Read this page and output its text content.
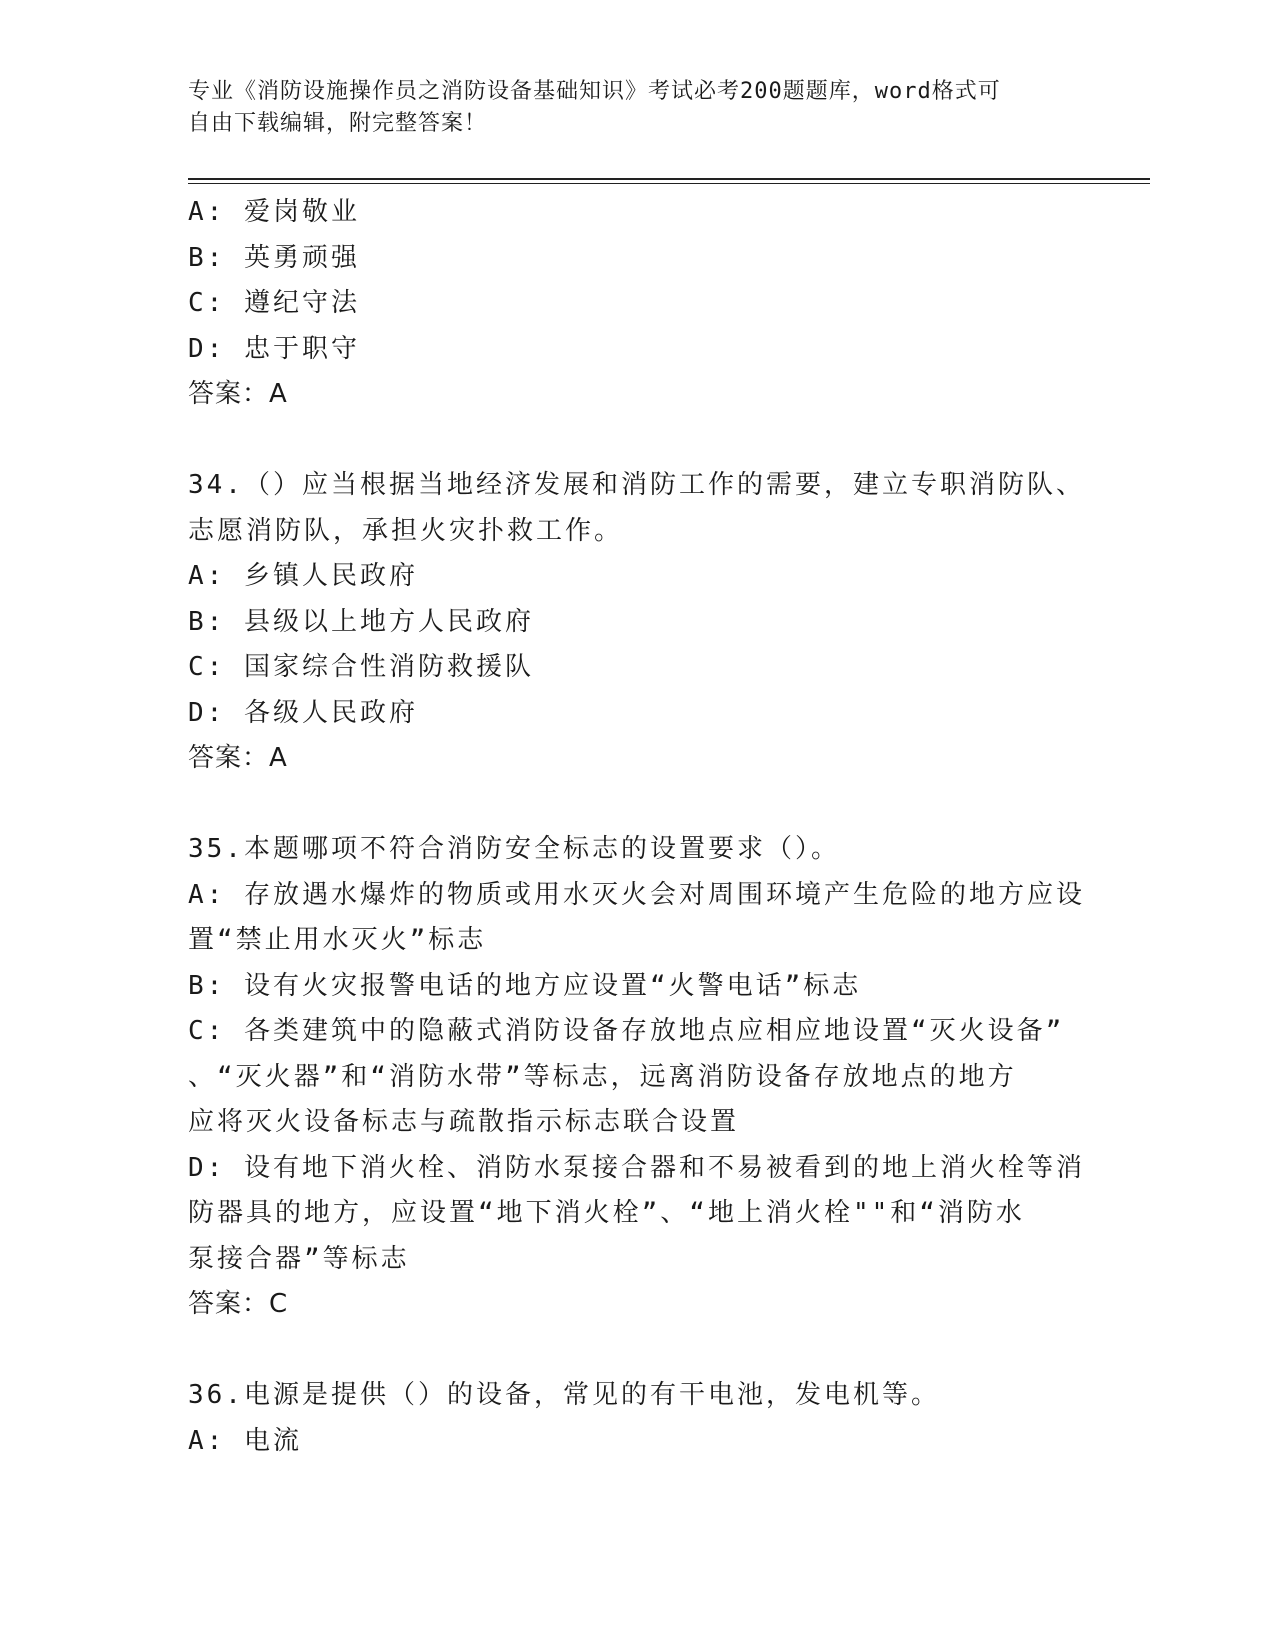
专业《消防设施操作员之消防设备基础知识》考试必考200题题库，word格式可
自由下载编辑，附完整答案！
A: 爱岗敬业
B: 英勇顽强
C: 遵纪守法
D: 忠于职守
答案：A
34.（）应当根据当地经济发展和消防工作的需要，建立专职消防队、
志愿消防队，承担火灾扑救工作。
A: 乡镇人民政府
B: 县级以上地方人民政府
C: 国家综合性消防救援队
D: 各级人民政府
答案：A
35.本题哪项不符合消防安全标志的设置要求（）。
A: 存放遇水爆炸的物质或用水灭火会对周围环境产生危险的地方应设
置“禁止用水灭火”标志
B: 设有火灾报警电话的地方应设置“火警电话”标志
C: 各类建筑中的隐蔽式消防设备存放地点应相应地设置“灭火设备”
、“灭火器”和“消防水带”等标志，远离消防设备存放地点的地方
应将灭火设备标志与疏散指示标志联合设置
D: 设有地下消火栓、消防水泵接合器和不易被看到的地上消火栓等消
防器具的地方，应设置“地下消火栓”、“地上消火栓""和“消防水
泵接合器”等标志
答案：C
36.电源是提供（）的设备，常见的有干电池，发电机等。
A: 电流
